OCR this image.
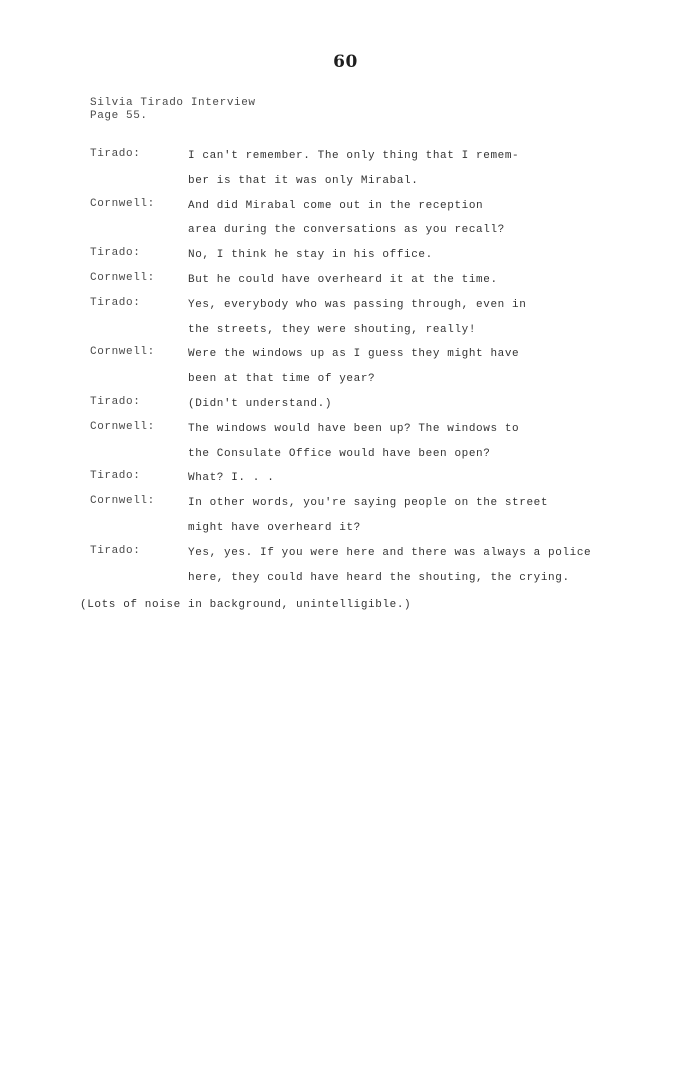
60
Silvia Tirado Interview
Page 55.
Tirado:	I can't remember. The only thing that I remem-
ber is that it was only Mirabal.
Cornwell:	And did Mirabal come out in the reception
area during the conversations as you recall?
Tirado:	No, I think he stay in his office.
Cornwell:	But he could have overheard it at the time.
Tirado:	Yes, everybody who was passing through, even in
the streets, they were shouting, really!
Cornwell:	Were the windows up as I guess they might have
been at that time of year?
Tirado:	(Didn't understand.)
Cornwell:	The windows would have been up? The windows to
the Consulate Office would have been open?
Tirado:	What? I. . .
Cornwell:	In other words, you're saying people on the street
might have overheard it?
Tirado:	Yes, yes. If you were here and there was always a police
here, they could have heard the shouting, the crying.
(Lots of noise in background, unintelligible.)
